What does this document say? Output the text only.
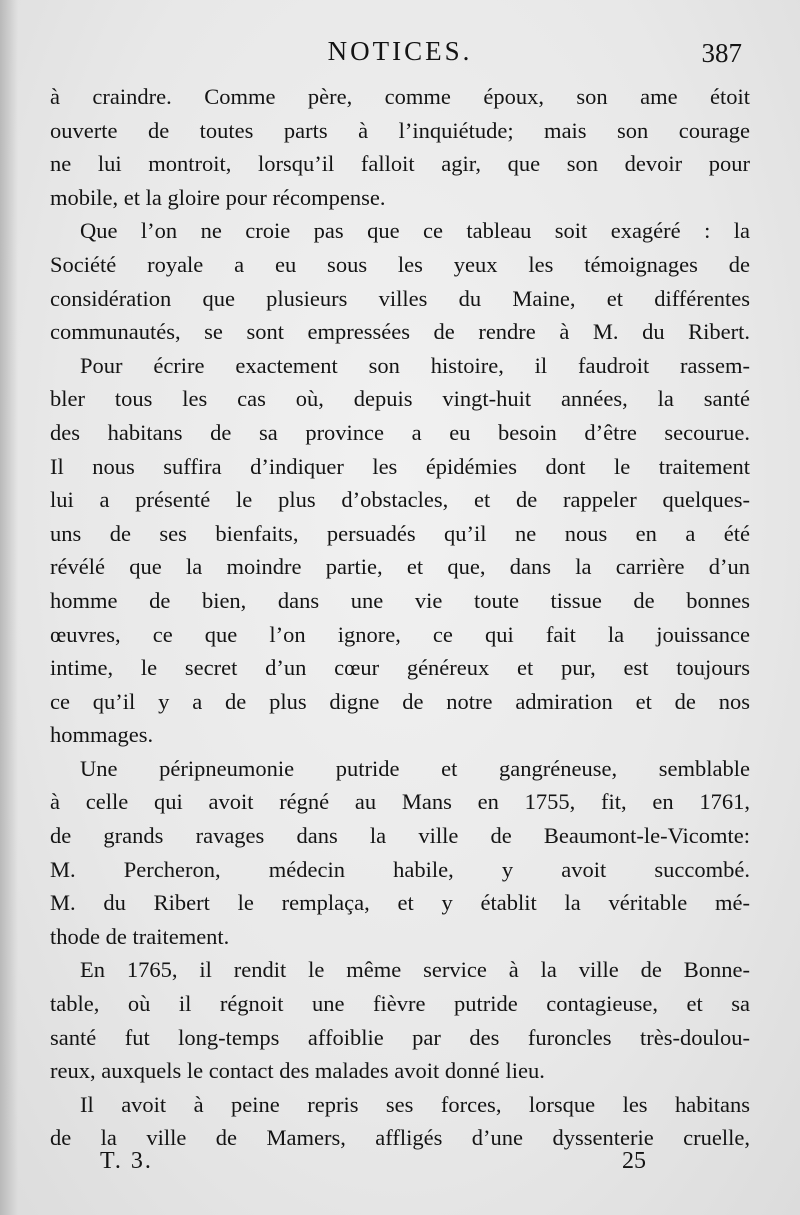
NOTICES.	387
à craindre. Comme père, comme époux, son ame étoit
ouverte de toutes parts à l’inquiétude; mais son courage
ne lui montroit, lorsqu’il falloit agir, que son devoir pour
mobile, et la gloire pour récompense.
Que l’on ne croie pas que ce tableau soit exagéré : la
Société royale a eu sous les yeux les témoignages de
considération que plusieurs villes du Maine, et différentes
communautés, se sont empressées de rendre à M. du Ribert.
Pour écrire exactement son histoire, il faudroit rassem-
bler tous les cas où, depuis vingt-huit années, la santé
des habitans de sa province a eu besoin d’être secourue.
Il nous suffira d’indiquer les épidémies dont le traitement
lui a présenté le plus d’obstacles, et de rappeler quelques-
uns de ses bienfaits, persuadés qu’il ne nous en a été
révélé que la moindre partie, et que, dans la carrière d’un
homme de bien, dans une vie toute tissue de bonnes
œuvres, ce que l’on ignore, ce qui fait la jouissance
intime, le secret d’un cœur généreux et pur, est toujours
ce qu’il y a de plus digne de notre admiration et de nos
hommages.
Une péripneumonie putride et gangréneuse, semblable
à celle qui avoit régné au Mans en 1755, fit, en 1761,
de grands ravages dans la ville de Beaumont-le-Vicomte:
M. Percheron, médecin habile, y avoit succombé.
M. du Ribert le remplaça, et y établit la véritable mé-
thode de traitement.
En 1765, il rendit le même service à la ville de Bonne-
table, où il régnoit une fièvre putride contagieuse, et sa
santé fut long-temps affoiblie par des furoncles très-doulou-
reux, auxquels le contact des malades avoit donné lieu.
Il avoit à peine repris ses forces, lorsque les habitans
de la ville de Mamers, affligés d’une dyssenterie cruelle,
T. 3.	25
